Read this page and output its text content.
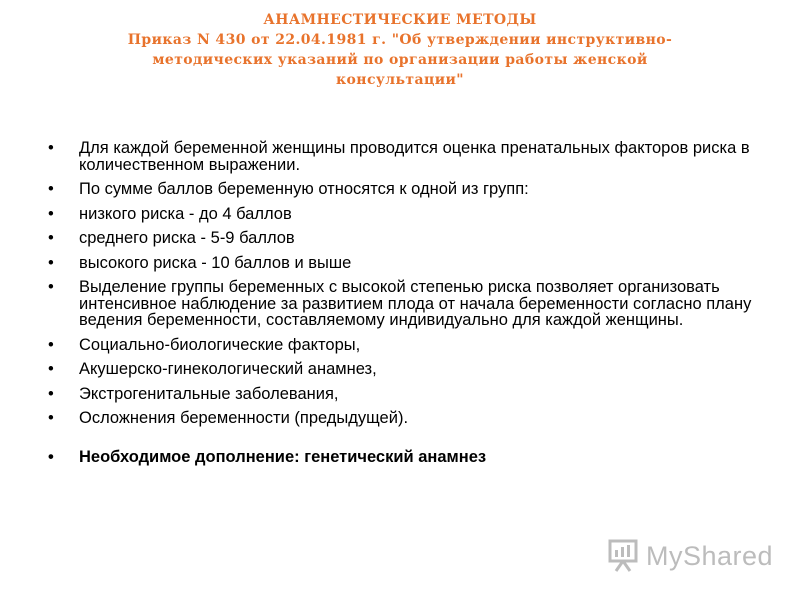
АНАМНЕСТИЧЕСКИЕ МЕТОДЫ
Приказ N 430 от 22.04.1981 г. "Об утверждении инструктивно-
методических указаний по организации работы женской
консультации"
• Для каждой беременной женщины проводится оценка пренатальных факторов риска в количественном выражении.
• По сумме баллов беременную относятся к одной из групп:
• низкого риска - до 4 баллов
• среднего риска - 5-9 баллов
• высокого риска - 10 баллов и выше
• Выделение группы беременных с высокой степенью риска позволяет организовать интенсивное наблюдение за развитием плода от начала беременности согласно плану ведения беременности, составляемому индивидуально для каждой женщины.
• Социально-биологические факторы,
• Акушерско-гинекологический анамнез,
• Экстрогенитальные заболевания,
• Осложнения беременности (предыдущей).
• Необходимое дополнение: генетический анамнез
MyShared
